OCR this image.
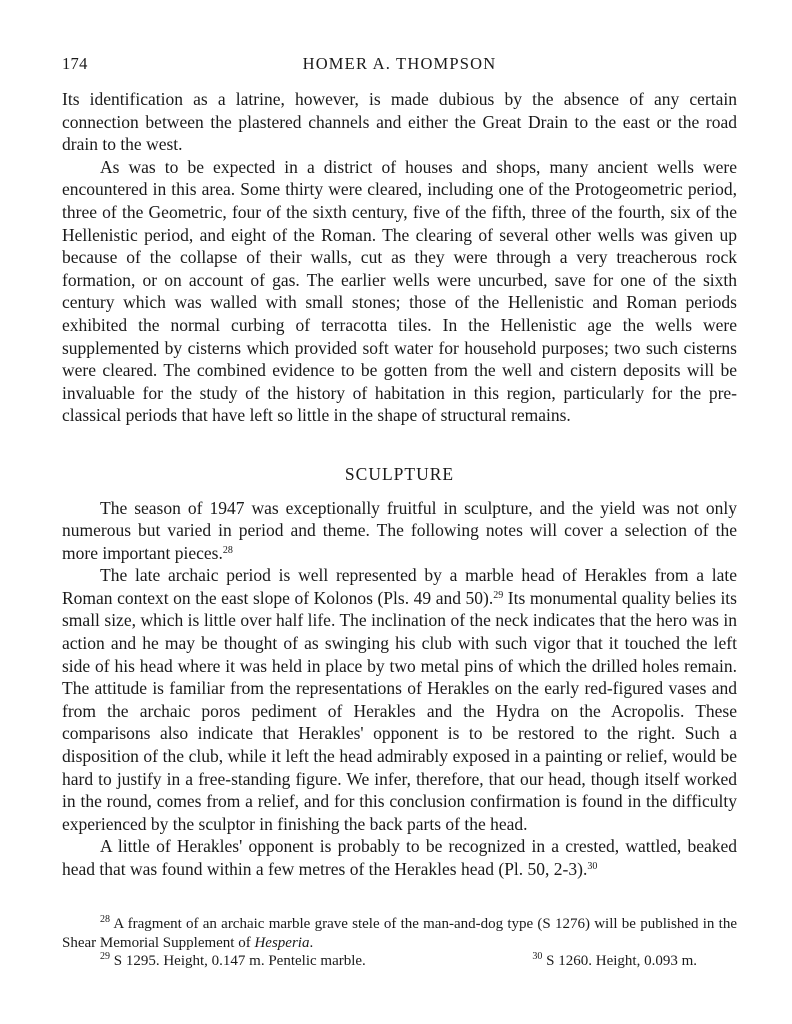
174	HOMER A. THOMPSON

Its identification as a latrine, however, is made dubious by the absence of any certain connection between the plastered channels and either the Great Drain to the east or the road drain to the west.

As was to be expected in a district of houses and shops, many ancient wells were encountered in this area. Some thirty were cleared, including one of the Protogeometric period, three of the Geometric, four of the sixth century, five of the fifth, three of the fourth, six of the Hellenistic period, and eight of the Roman. The clearing of several other wells was given up because of the collapse of their walls, cut as they were through a very treacherous rock formation, or on account of gas. The earlier wells were uncurbed, save for one of the sixth century which was walled with small stones; those of the Hellenistic and Roman periods exhibited the normal curbing of terracotta tiles. In the Hellenistic age the wells were supplemented by cisterns which provided soft water for household purposes; two such cisterns were cleared. The combined evidence to be gotten from the well and cistern deposits will be invaluable for the study of the history of habitation in this region, particularly for the pre-classical periods that have left so little in the shape of structural remains.

SCULPTURE

The season of 1947 was exceptionally fruitful in sculpture, and the yield was not only numerous but varied in period and theme. The following notes will cover a selection of the more important pieces.$^{28}$

The late archaic period is well represented by a marble head of Herakles from a late Roman context on the east slope of Kolonos (Pls. 49 and 50).$^{29}$ Its monumental quality belies its small size, which is little over half life. The inclination of the neck indicates that the hero was in action and he may be thought of as swinging his club with such vigor that it touched the left side of his head where it was held in place by two metal pins of which the drilled holes remain. The attitude is familiar from the representations of Herakles on the early red-figured vases and from the archaic poros pediment of Herakles and the Hydra on the Acropolis. These comparisons also indicate that Herakles' opponent is to be restored to the right. Such a disposition of the club, while it left the head admirably exposed in a painting or relief, would be hard to justify in a free-standing figure. We infer, therefore, that our head, though itself worked in the round, comes from a relief, and for this conclusion confirmation is found in the difficulty experienced by the sculptor in finishing the back parts of the head.

A little of Herakles' opponent is probably to be recognized in a crested, wattled, beaked head that was found within a few metres of the Herakles head (Pl. 50, 2-3).$^{30}$

$^{28}$ A fragment of an archaic marble grave stele of the man-and-dog type (S 1276) will be published in the Shear Memorial Supplement of Hesperia.

$^{29}$ S 1295. Height, 0.147 m. Pentelic marble.	$^{30}$ S 1260. Height, 0.093 m.
